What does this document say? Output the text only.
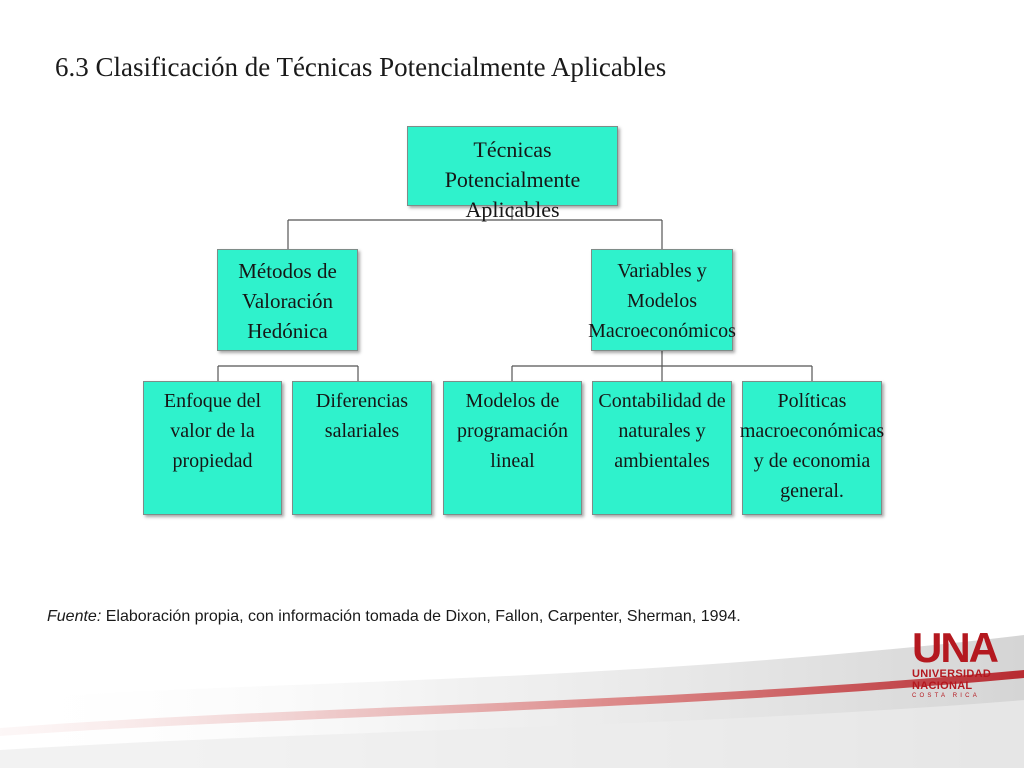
6.3 Clasificación de Técnicas Potencialmente Aplicables
Técnicas Potencialmente
Aplicables
Métodos de
Valoración
Hedónica
Variables y
Modelos
Macroeconómicos
Enfoque del
valor de la
propiedad
Diferencias
salariales
Modelos de
programación
lineal
Contabilidad de
naturales y
ambientales
Políticas
macroeconómicas
y de economia
general.
Fuente: Elaboración propia, con información tomada de Dixon, Fallon, Carpenter, Sherman, 1994.
UNA
UNIVERSIDAD
NACIONAL
COSTA RICA
